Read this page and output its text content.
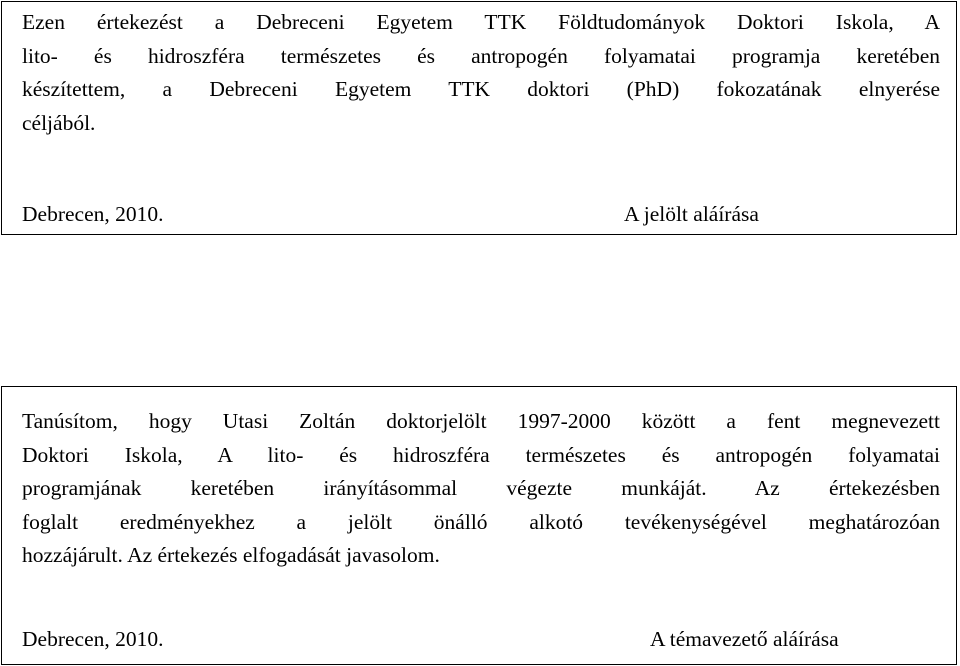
Ezen értekezést a Debreceni Egyetem TTK Földtudományok Doktori Iskola, A
lito- és hidroszféra természetes és antropogén folyamatai programja keretében
készítettem, a Debreceni Egyetem TTK doktori (PhD) fokozatának elnyerése
céljából.

Debrecen, 2010.	A jelölt aláírása

Tanúsítom, hogy Utasi Zoltán doktorjelölt 1997-2000 között a fent megnevezett
Doktori Iskola, A lito- és hidroszféra természetes és antropogén folyamatai
programjának keretében irányításommal végezte munkáját. Az értekezésben
foglalt eredményekhez a jelölt önálló alkotó tevékenységével meghatározóan
hozzájárult. Az értekezés elfogadását javasolom.

Debrecen, 2010.	A témavezető aláírása
